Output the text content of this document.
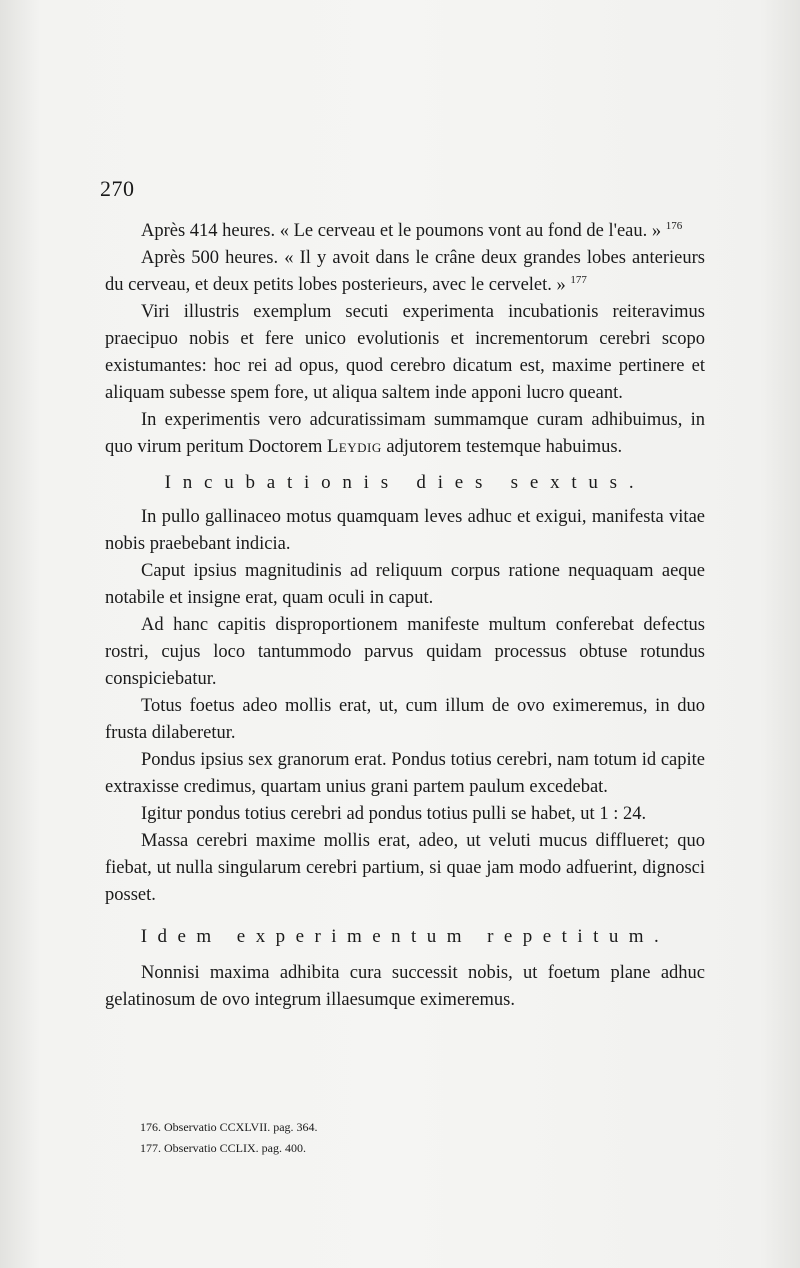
270

Après 414 heures. « Le cerveau et le poumons vont au fond de l'eau. » $^{176}$

Après 500 heures. « Il y avoit dans le crâne deux grandes lobes anterieurs du cerveau, et deux petits lobes posterieurs, avec le cervelet. » $^{177}$

Viri illustris exemplum secuti experimenta incubationis reiteravimus praecipuo nobis et fere unico evolutionis et incrementorum cerebri scopo existumantes: hoc rei ad opus, quod cerebro dicatum est, maxime pertinere et aliquam subesse spem fore, ut aliqua saltem inde apponi lucro queant.

In experimentis vero adcuratissimam summamque curam adhibuimus, in quo virum peritum Doctorem Leydig adjutorem testemque habuimus.

Incubationis dies sextus.

In pullo gallinaceo motus quamquam leves adhuc et exigui, manifesta vitae nobis praebebant indicia.

Caput ipsius magnitudinis ad reliquum corpus ratione nequaquam aeque notabile et insigne erat, quam oculi in caput.

Ad hanc capitis disproportionem manifeste multum conferebat defectus rostri, cujus loco tantummodo parvus quidam processus obtuse rotundus conspiciebatur.

Totus foetus adeo mollis erat, ut, cum illum de ovo eximeremus, in duo frusta dilaberetur.

Pondus ipsius sex granorum erat. Pondus totius cerebri, nam totum id capite extraxisse credimus, quartam unius grani partem paulum excedebat.

Igitur pondus totius cerebri ad pondus totius pulli se habet, ut 1 : 24.

Massa cerebri maxime mollis erat, adeo, ut veluti mucus difflueret; quo fiebat, ut nulla singularum cerebri partium, si quae jam modo adfuerint, dignosci posset.

Idem experimentum repetitum.

Nonnisi maxima adhibita cura successit nobis, ut foetum plane adhuc gelatinosum de ovo integrum illaesumque eximeremus.

176. Observatio CCXLVII. pag. 364.
177. Observatio CCLIX. pag. 400.
